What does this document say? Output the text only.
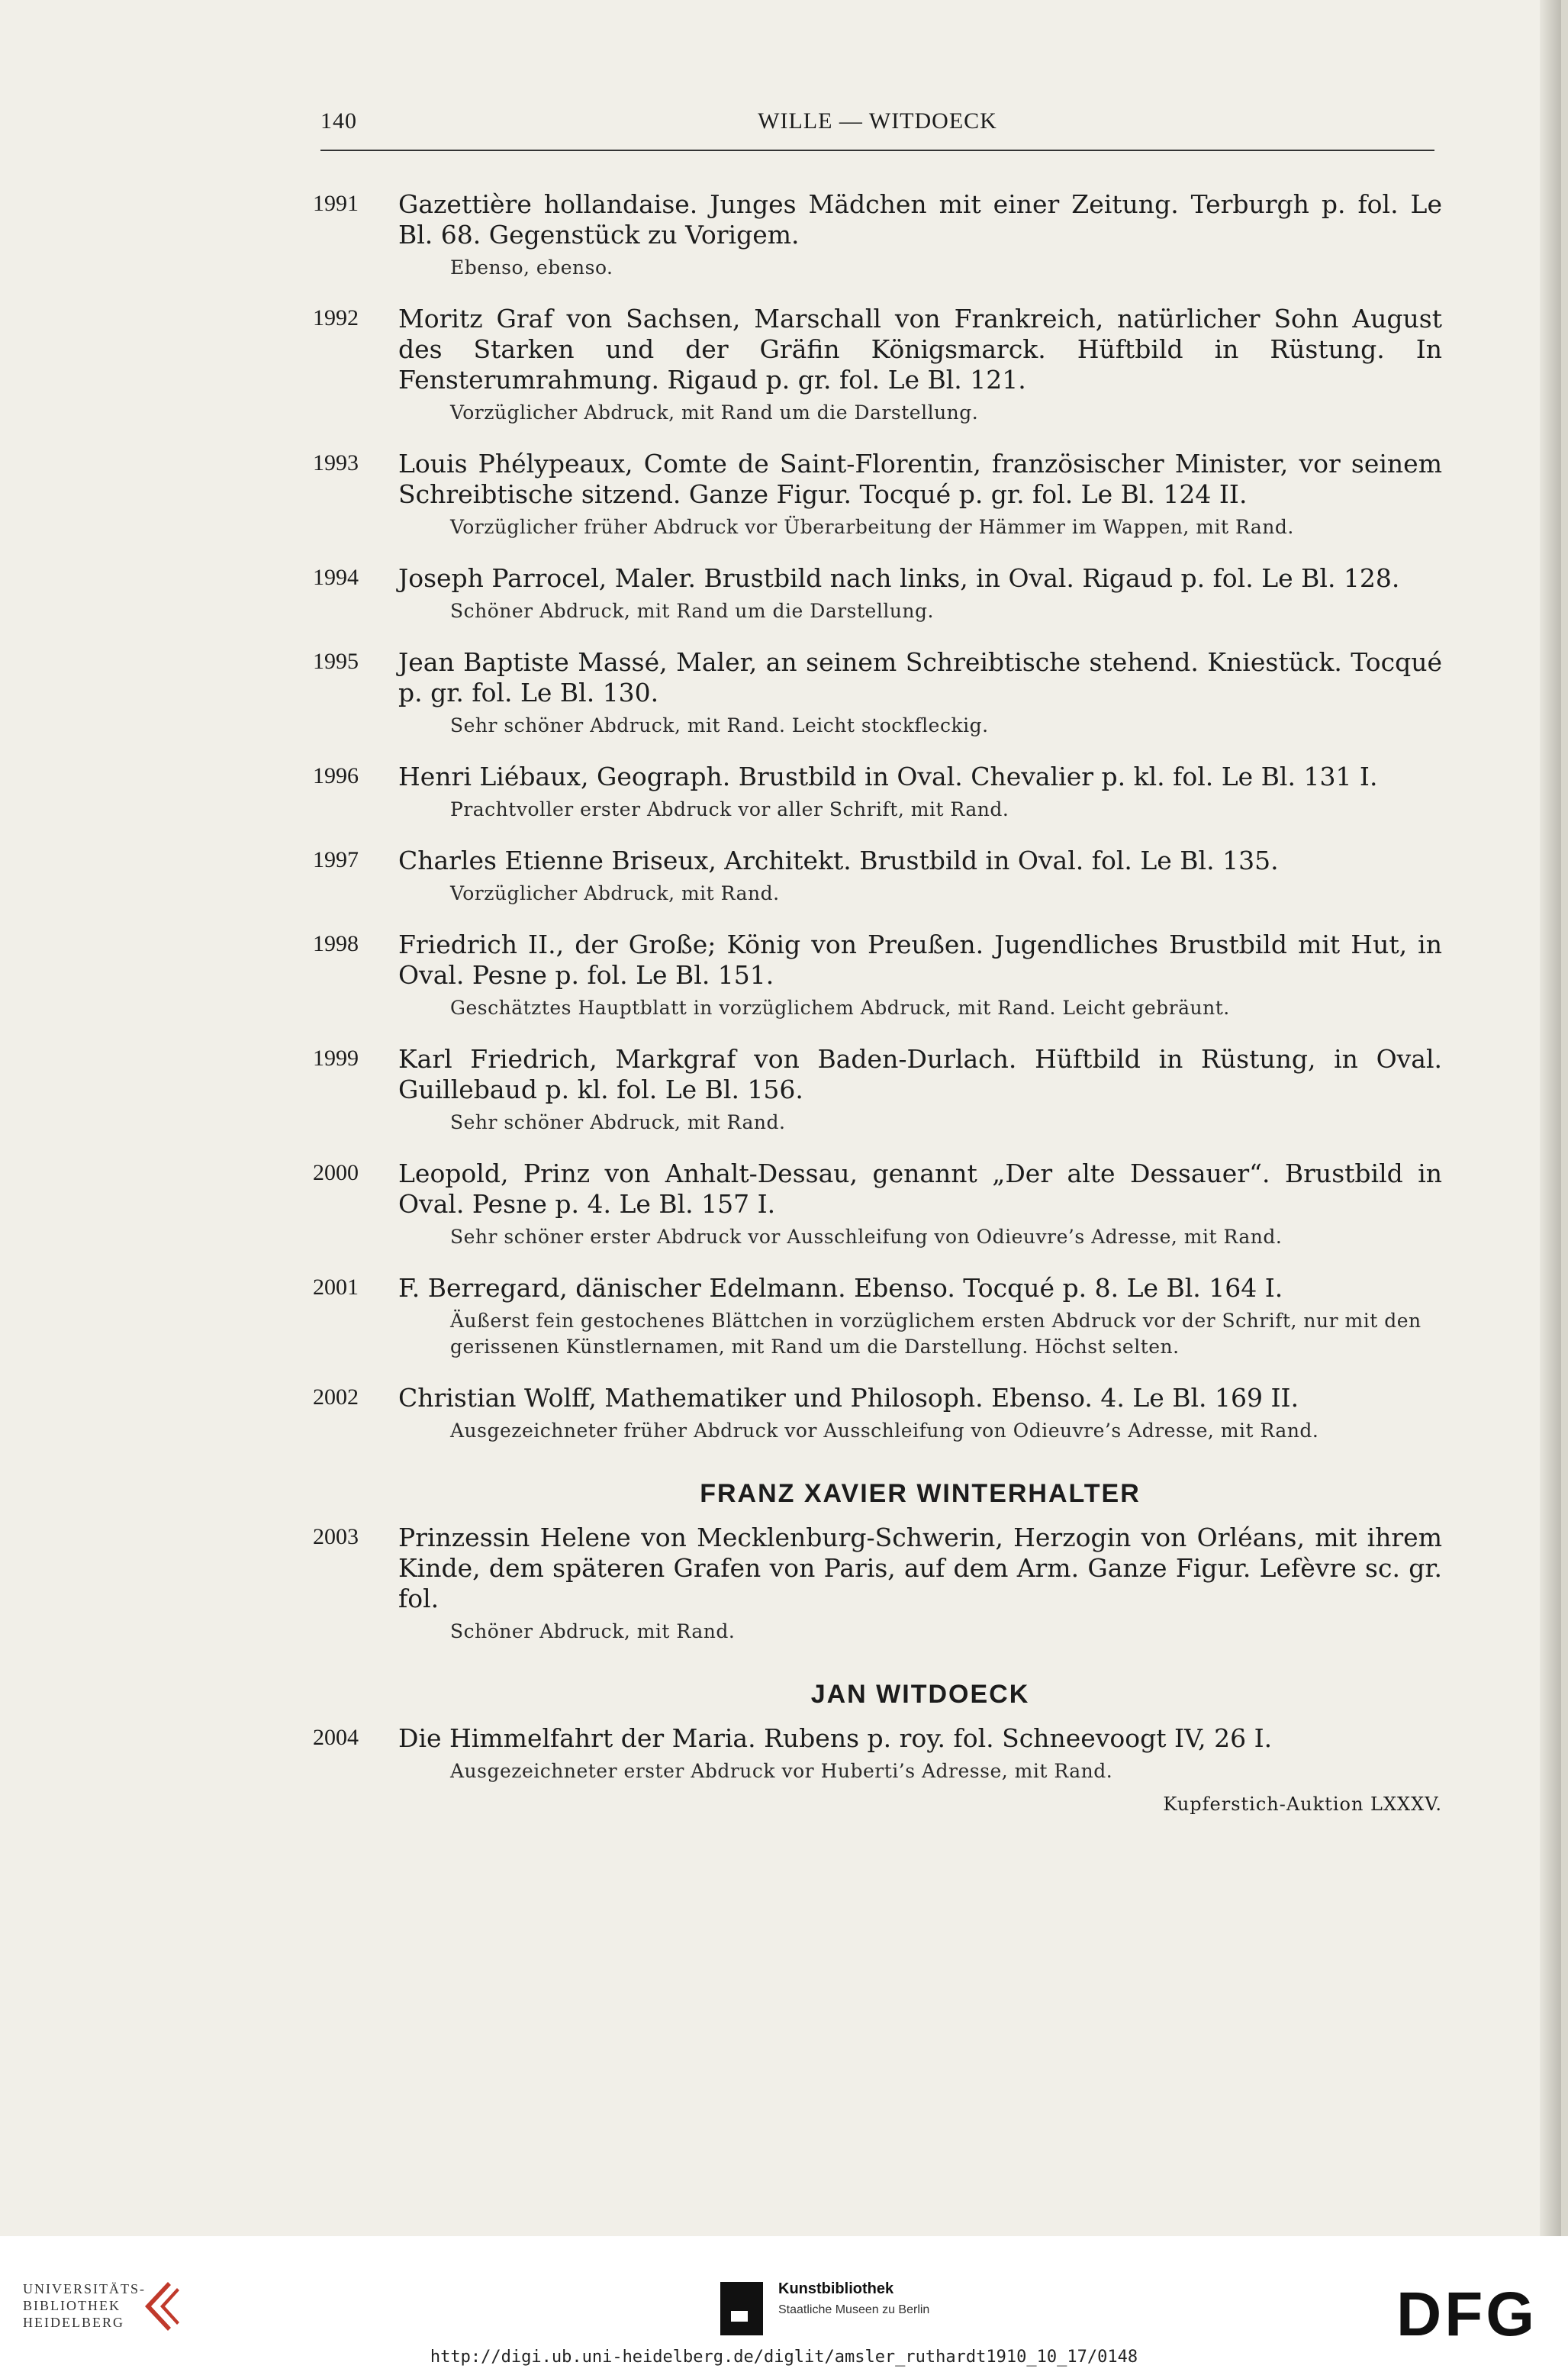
140	WILLE — WITDOECK
1991	Gazettière hollandaise. Junges Mädchen mit einer Zeitung. Terburgh p. fol. Le Bl. 68. Gegenstück zu Vorigem.
Ebenso, ebenso.
1992	Moritz Graf von Sachsen, Marschall von Frankreich, natürlicher Sohn August des Starken und der Gräfin Königsmarck. Hüftbild in Rüstung. In Fensterumrahmung. Rigaud p. gr. fol. Le Bl. 121.
Vorzüglicher Abdruck, mit Rand um die Darstellung.
1993	Louis Phélypeaux, Comte de Saint-Florentin, französischer Minister, vor seinem Schreibtische sitzend. Ganze Figur. Tocqué p. gr. fol. Le Bl. 124 II.
Vorzüglicher früher Abdruck vor Überarbeitung der Hämmer im Wappen, mit Rand.
1994	Joseph Parrocel, Maler. Brustbild nach links, in Oval. Rigaud p. fol. Le Bl. 128.
Schöner Abdruck, mit Rand um die Darstellung.
1995	Jean Baptiste Massé, Maler, an seinem Schreibtische stehend. Kniestück. Tocqué p. gr. fol. Le Bl. 130.
Sehr schöner Abdruck, mit Rand. Leicht stockfleckig.
1996	Henri Liébaux, Geograph. Brustbild in Oval. Chevalier p. kl. fol. Le Bl. 131 I.
Prachtvoller erster Abdruck vor aller Schrift, mit Rand.
1997	Charles Etienne Briseux, Architekt. Brustbild in Oval. fol. Le Bl. 135.
Vorzüglicher Abdruck, mit Rand.
1998	Friedrich II., der Große; König von Preußen. Jugendliches Brustbild mit Hut, in Oval. Pesne p. fol. Le Bl. 151.
Geschätztes Hauptblatt in vorzüglichem Abdruck, mit Rand. Leicht gebräunt.
1999	Karl Friedrich, Markgraf von Baden-Durlach. Hüftbild in Rüstung, in Oval. Guillebaud p. kl. fol. Le Bl. 156.
Sehr schöner Abdruck, mit Rand.
2000	Leopold, Prinz von Anhalt-Dessau, genannt „Der alte Dessauer“. Brustbild in Oval. Pesne p. 4. Le Bl. 157 I.
Sehr schöner erster Abdruck vor Ausschleifung von Odieuvre’s Adresse, mit Rand.
2001	F. Berregard, dänischer Edelmann. Ebenso. Tocqué p. 8. Le Bl. 164 I.
Äußerst fein gestochenes Blättchen in vorzüglichem ersten Abdruck vor der Schrift, nur mit den gerissenen Künstlernamen, mit Rand um die Darstellung. Höchst selten.
2002	Christian Wolff, Mathematiker und Philosoph. Ebenso. 4. Le Bl. 169 II.
Ausgezeichneter früher Abdruck vor Ausschleifung von Odieuvre’s Adresse, mit Rand.
FRANZ XAVIER WINTERHALTER
2003	Prinzessin Helene von Mecklenburg-Schwerin, Herzogin von Orléans, mit ihrem Kinde, dem späteren Grafen von Paris, auf dem Arm. Ganze Figur. Lefèvre sc. gr. fol.
Schöner Abdruck, mit Rand.
JAN WITDOECK
2004	Die Himmelfahrt der Maria. Rubens p. roy. fol. Schneevoogt IV, 26 I.
Ausgezeichneter erster Abdruck vor Huberti’s Adresse, mit Rand.
Kupferstich-Auktion LXXXV.
UNIVERSITÄTS-
BIBLIOTHEK
HEIDELBERG
Kunstbibliothek
Staatliche Museen zu Berlin	DFG
http://digi.ub.uni-heidelberg.de/diglit/amsler_ruthardt1910_10_17/0148
